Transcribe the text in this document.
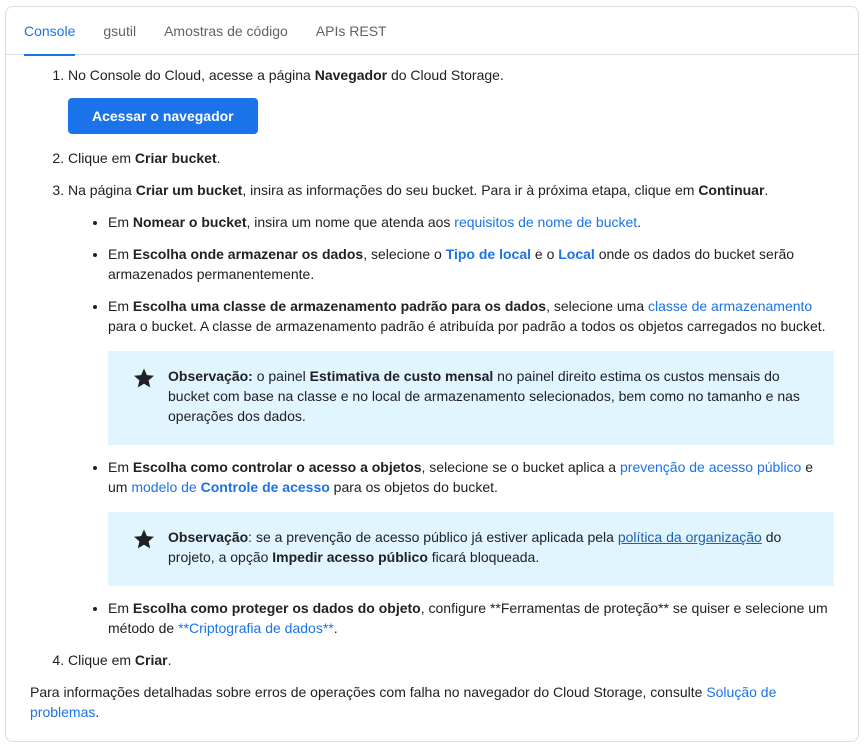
Console	gsutil	Amostras de código	APIs REST
1. No Console do Cloud, acesse a página Navegador do Cloud Storage.
Acessar o navegador
2. Clique em Criar bucket.
3. Na página Criar um bucket, insira as informações do seu bucket. Para ir à próxima etapa, clique em Continuar.
• Em Nomear o bucket, insira um nome que atenda aos requisitos de nome de bucket.
• Em Escolha onde armazenar os dados, selecione o Tipo de local e o Local onde os dados do bucket serão armazenados permanentemente.
• Em Escolha uma classe de armazenamento padrão para os dados, selecione uma classe de armazenamento para o bucket. A classe de armazenamento padrão é atribuída por padrão a todos os objetos carregados no bucket.
Observação: o painel Estimativa de custo mensal no painel direito estima os custos mensais do bucket com base na classe e no local de armazenamento selecionados, bem como no tamanho e nas operações dos dados.
• Em Escolha como controlar o acesso a objetos, selecione se o bucket aplica a prevenção de acesso público e um modelo de Controle de acesso para os objetos do bucket.
Observação: se a prevenção de acesso público já estiver aplicada pela política da organização do projeto, a opção Impedir acesso público ficará bloqueada.
• Em Escolha como proteger os dados do objeto, configure **Ferramentas de proteção** se quiser e selecione um método de **Criptografia de dados**.
4. Clique em Criar.

Para informações detalhadas sobre erros de operações com falha no navegador do Cloud Storage, consulte Solução de problemas.
